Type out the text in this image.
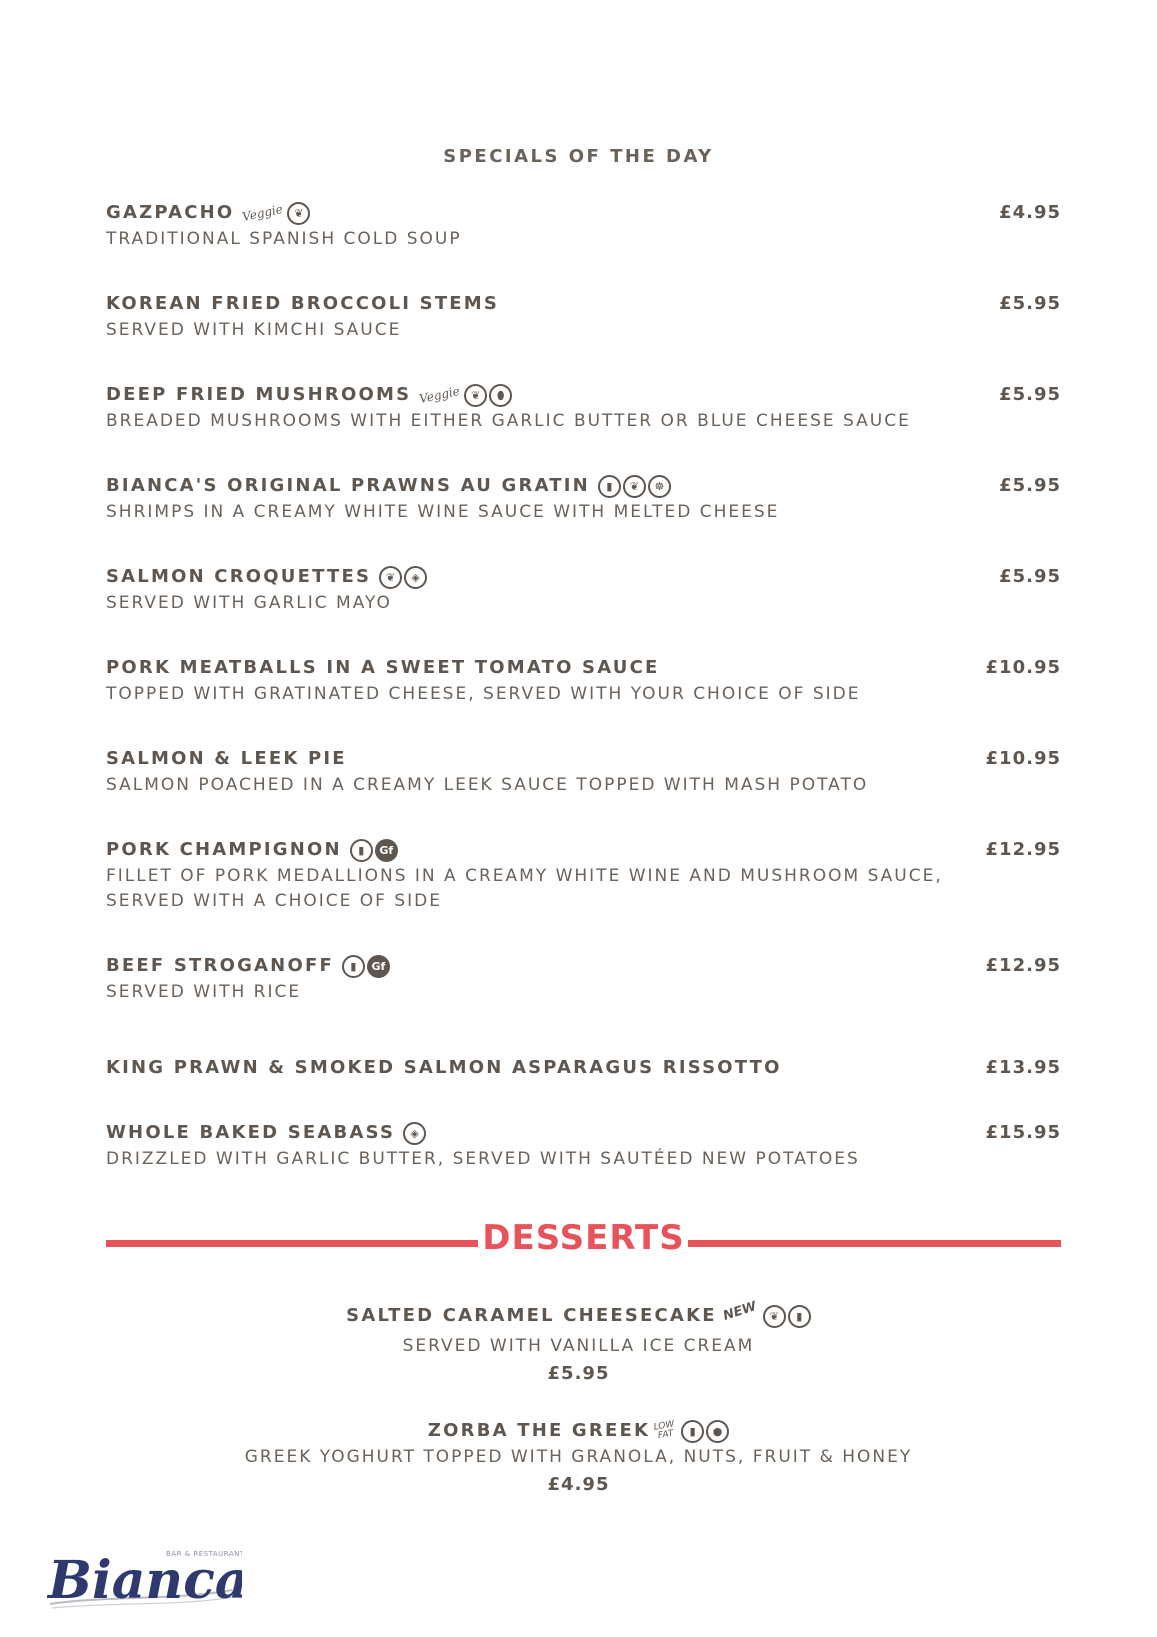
SPECIALS OF THE DAY
GAZPACHO Veggie ❦
TRADITIONAL SPANISH COLD SOUP
£4.95
KOREAN FRIED BROCCOLI STEMS
SERVED WITH KIMCHI SAUCE
£5.95
DEEP FRIED MUSHROOMS Veggie ❦	⬮
BREADED MUSHROOMS WITH EITHER GARLIC BUTTER OR BLUE CHEESE SAUCE
£5.95
BIANCA'S ORIGINAL PRAWNS AU GRATIN	▮	❦	☸
SHRIMPS IN A CREAMY WHITE WINE SAUCE WITH MELTED CHEESE
£5.95
SALMON CROQUETTES	❦	◈
SERVED WITH GARLIC MAYO
£5.95
PORK MEATBALLS IN A SWEET TOMATO SAUCE
TOPPED WITH GRATINATED CHEESE, SERVED WITH YOUR CHOICE OF SIDE
£10.95
SALMON & LEEK PIE
SALMON POACHED IN A CREAMY LEEK SAUCE TOPPED WITH MASH POTATO
£10.95
PORK CHAMPIGNON	▮	Gf
FILLET OF PORK MEDALLIONS IN A CREAMY WHITE WINE AND MUSHROOM SAUCE, SERVED WITH A CHOICE OF SIDE
£12.95
BEEF STROGANOFF	▮	Gf
SERVED WITH RICE
£12.95
KING PRAWN & SMOKED SALMON ASPARAGUS RISSOTTO	£13.95
WHOLE BAKED SEABASS	◈
DRIZZLED WITH GARLIC BUTTER, SERVED WITH SAUTÉED NEW POTATOES
£15.95
DESSERTS
SALTED CARAMEL CHEESECAKE NEW	❦	▮
SERVED WITH VANILLA ICE CREAM
£5.95
ZORBA THE GREEK LOW FAT	▮	●
GREEK YOGHURT TOPPED WITH GRANOLA, NUTS, FRUIT & HONEY
£4.95
Bianc
BAR & RESTAURANT
